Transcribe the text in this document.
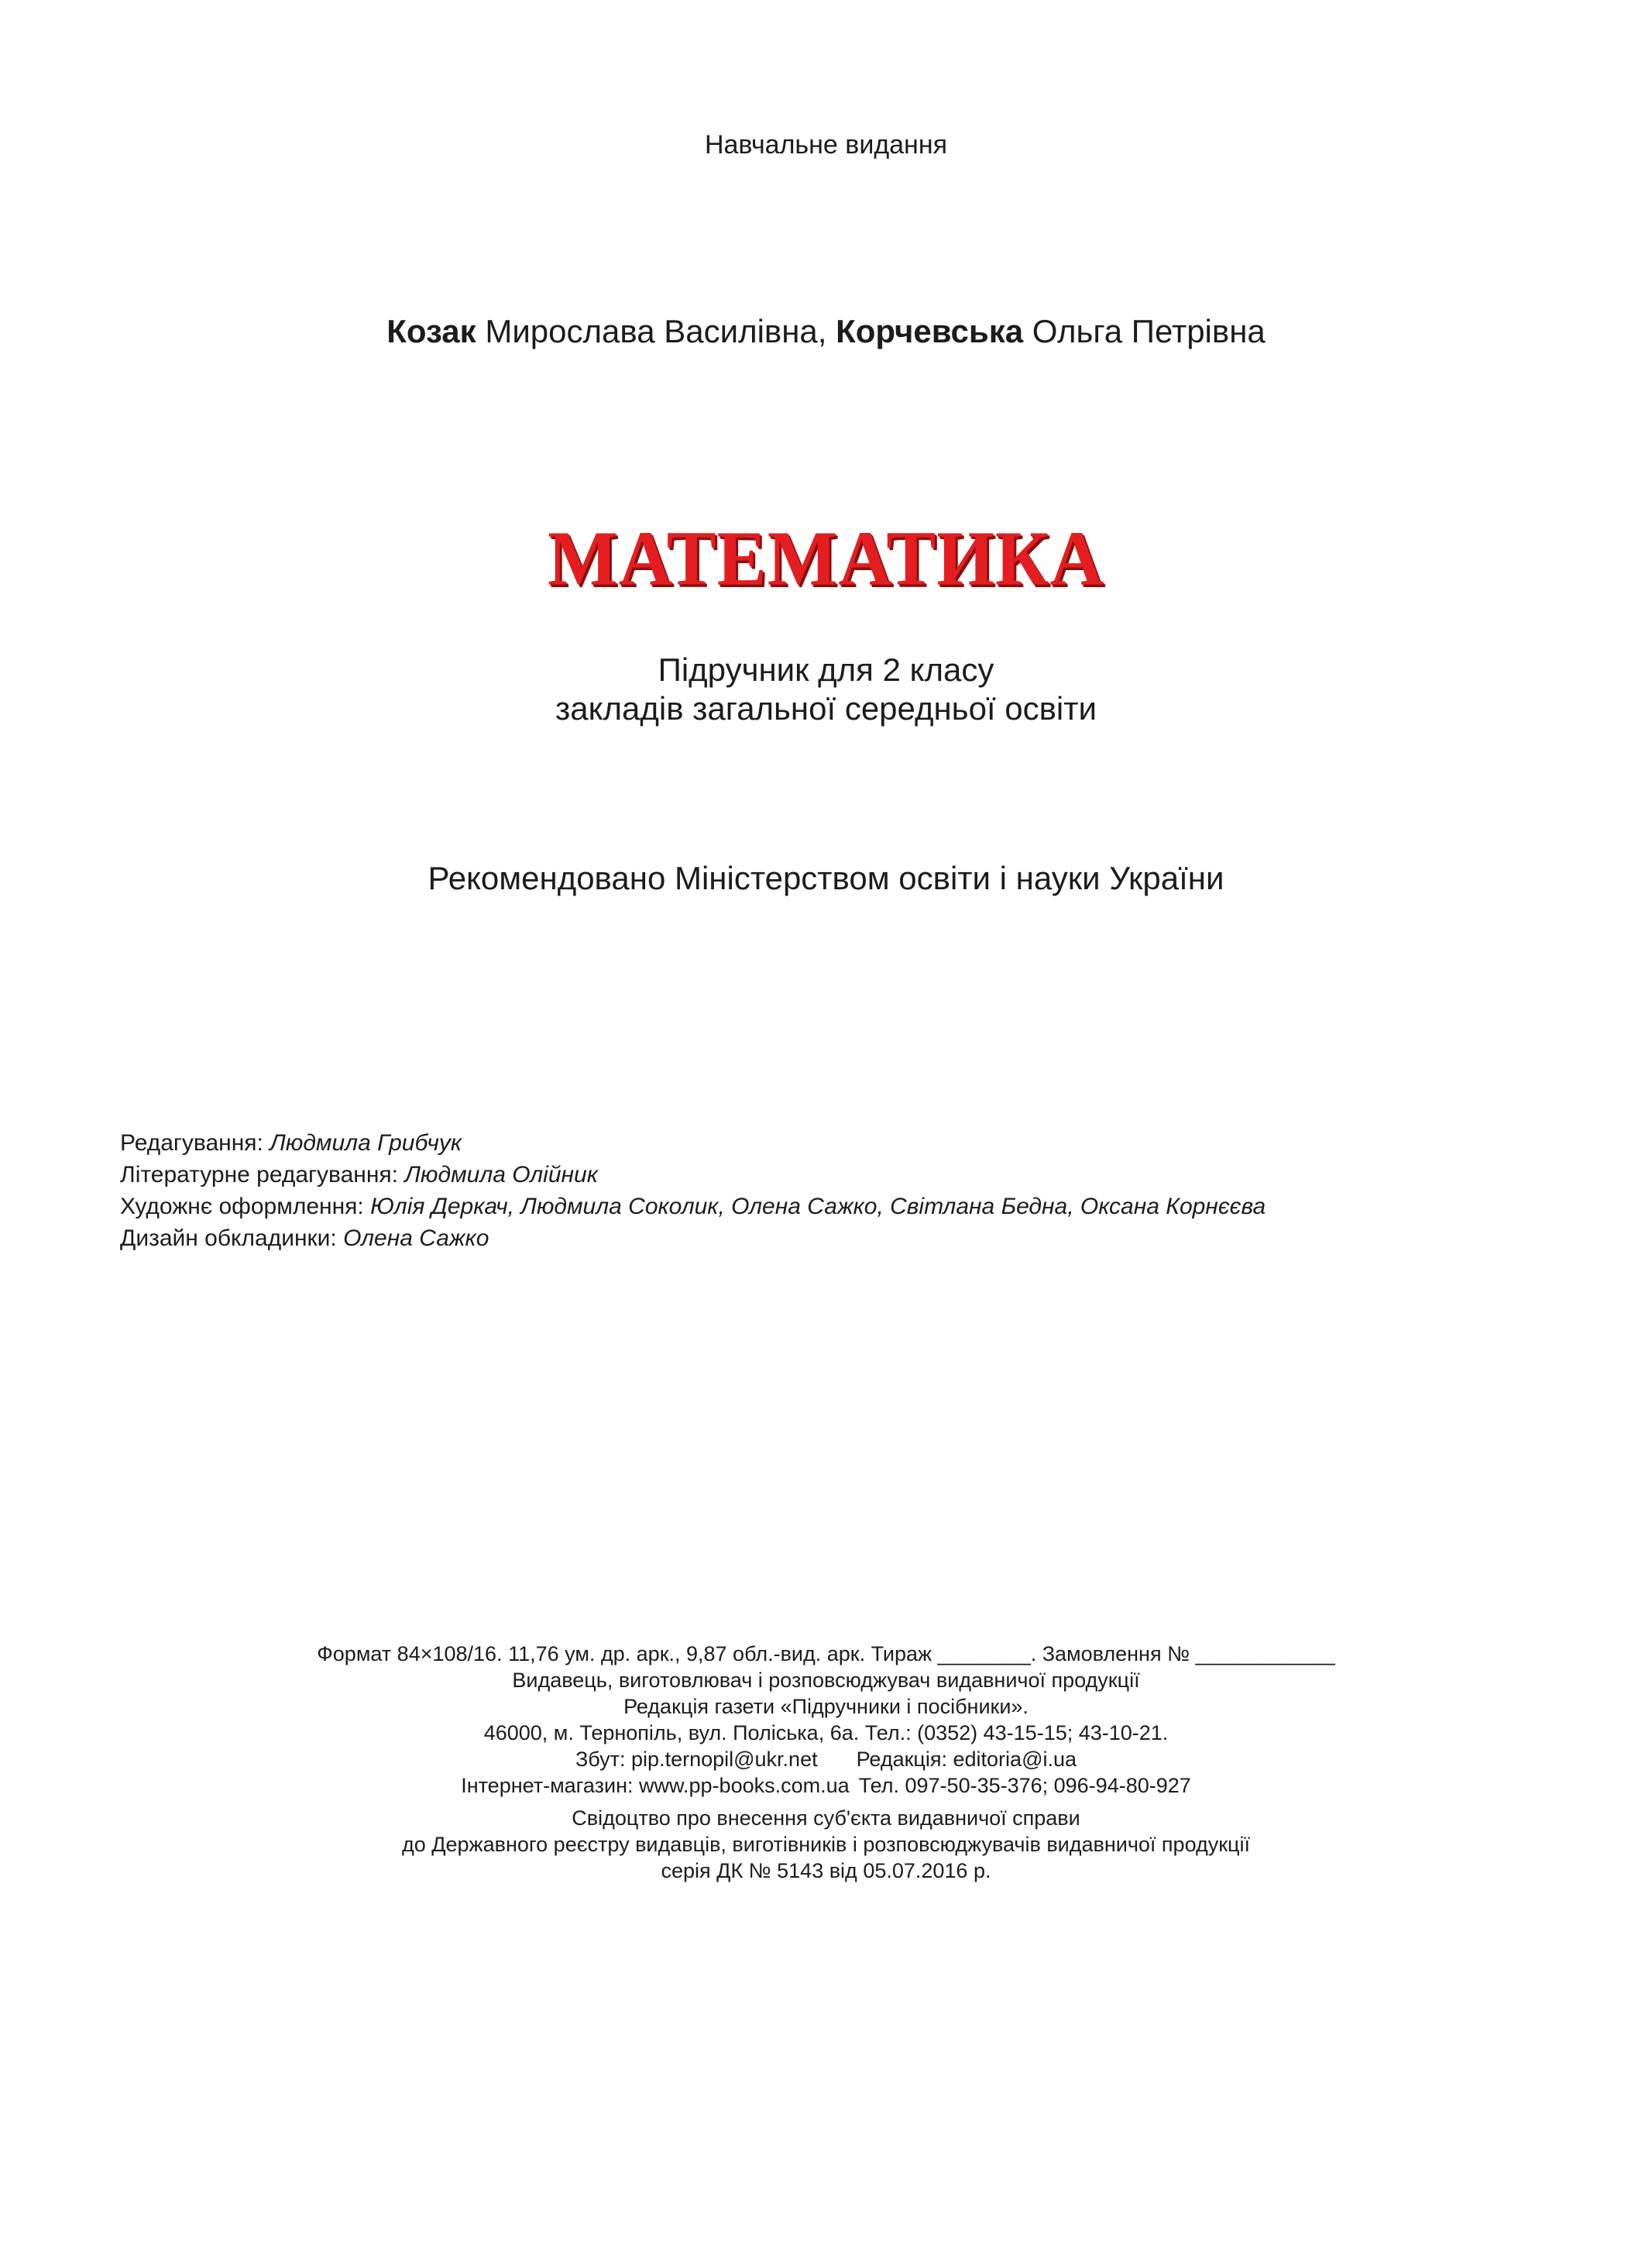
Навчальне видання
Козак Мирослава Василівна, Корчевська Ольга Петрівна
МАТЕМАТИКА
Підручник для 2 класу
закладів загальної середньої освіти
Рекомендовано Міністерством освіти і науки України
Редагування: Людмила Грибчук
Літературне редагування: Людмила Олійник
Художнє оформлення: Юлія Деркач, Людмила Соколик, Олена Сажко, Світлана Бедна, Оксана Корнєєва
Дизайн обкладинки: Олена Сажко
Формат 84×108/16. 11,76 ум. др. арк., 9,87 обл.-вид. арк. Тираж ________. Замовлення № ____________
Видавець, виготовлювач і розповсюджувач видавничої продукції
Редакція газети «Підручники і посібники».
46000, м. Тернопіль, вул. Поліська, 6а. Тел.: (0352) 43-15-15; 43-10-21.
Збут: pip.ternopil@ukr.net Редакція: editoria@i.ua
Інтернет-магазин: www.pp-books.com.ua Тел. 097-50-35-376; 096-94-80-927
Свідоцтво про внесення суб'єкта видавничої справи
до Державного реєстру видавців, виготівників і розповсюджувачів видавничої продукції
серія ДК № 5143 від 05.07.2016 р.
